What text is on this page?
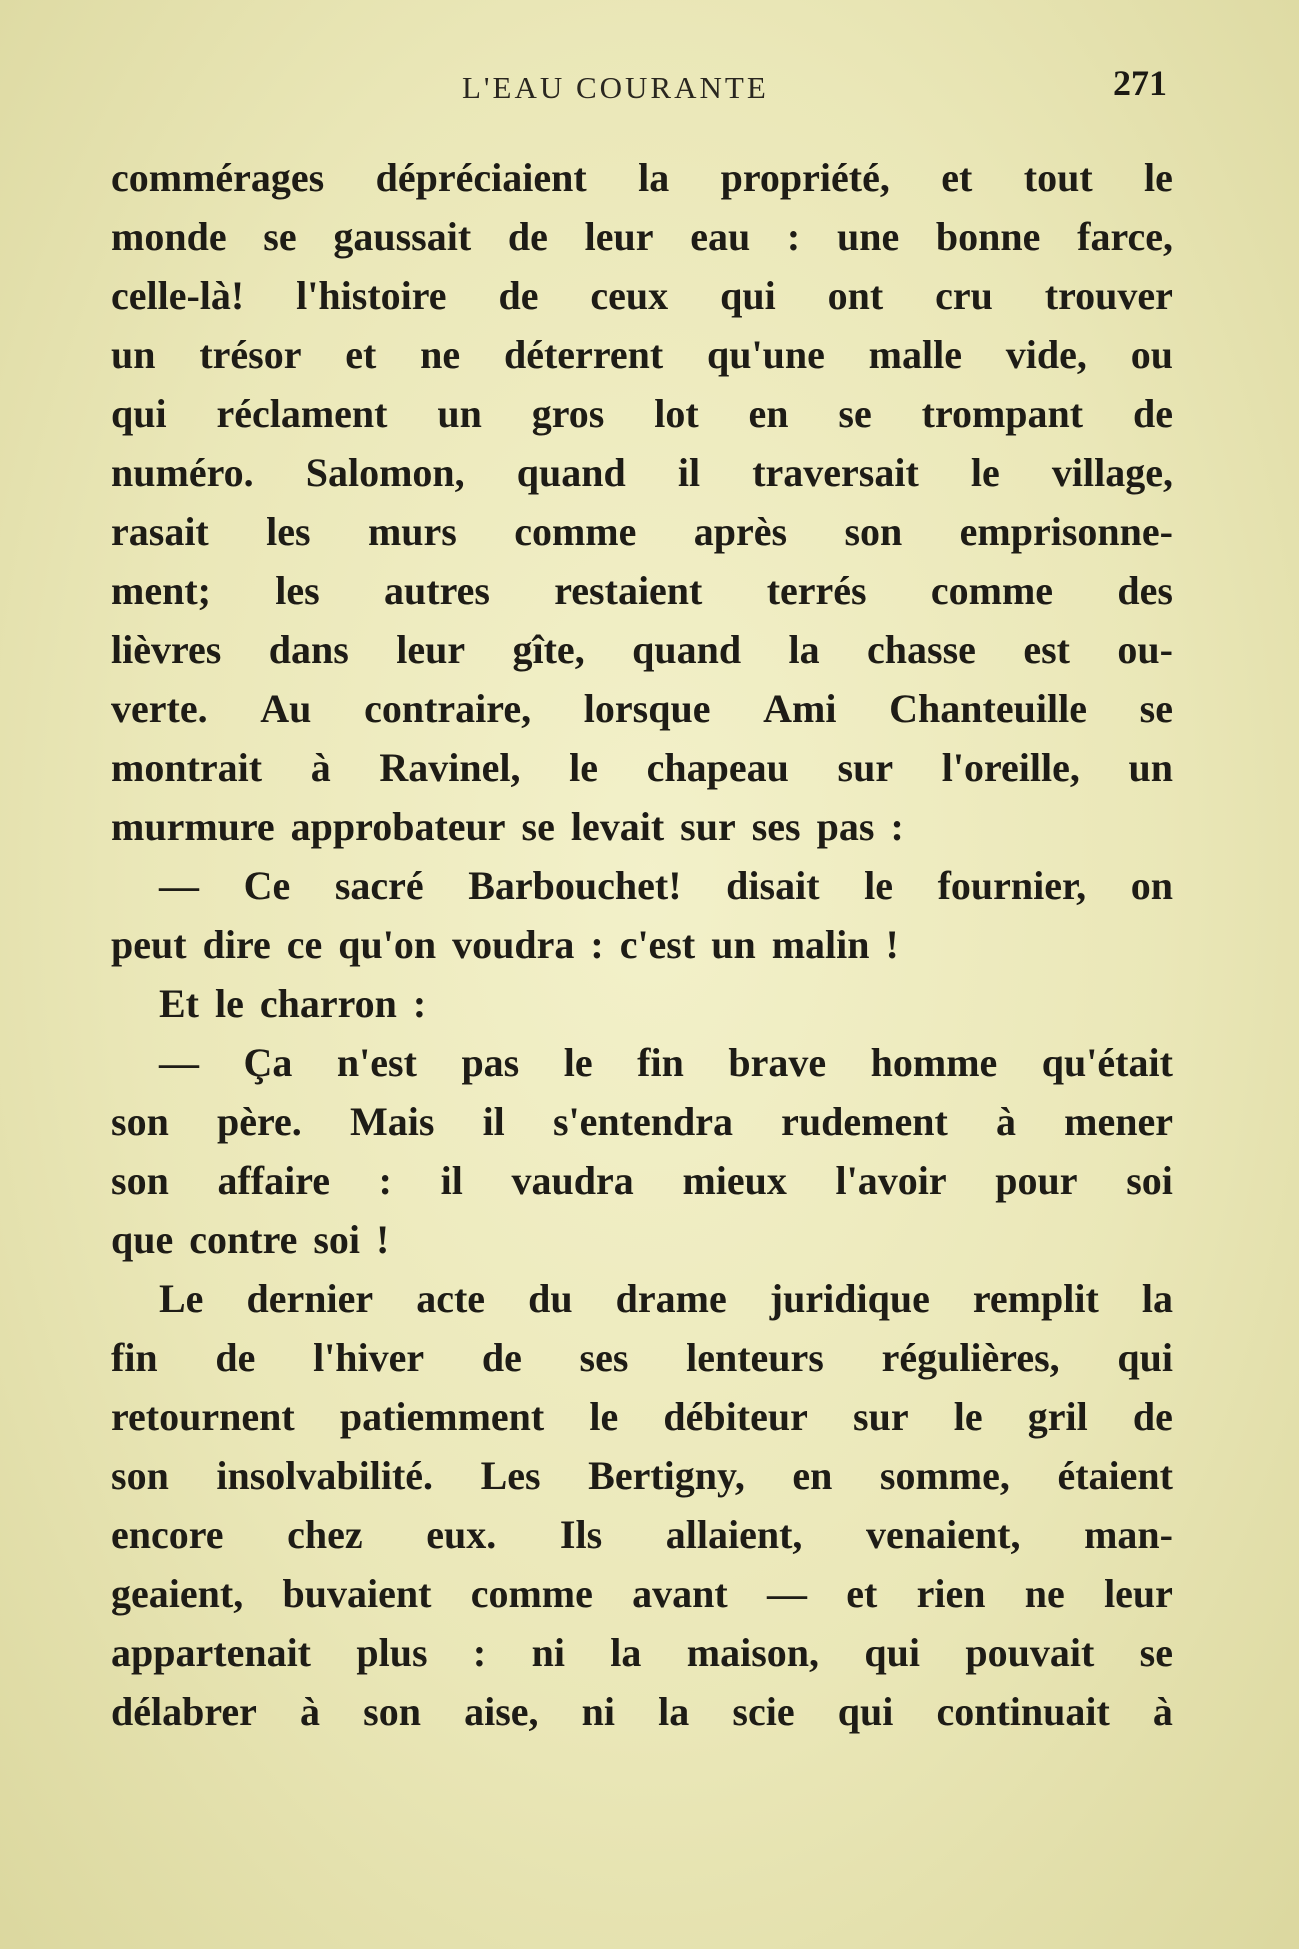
L'EAU COURANTE	271
commérages dépréciaient la propriété, et tout le
monde se gaussait de leur eau : une bonne farce,
celle-là! l'histoire de ceux qui ont cru trouver
un trésor et ne déterrent qu'une malle vide, ou
qui réclament un gros lot en se trompant de
numéro. Salomon, quand il traversait le village,
rasait les murs comme après son emprisonne-
ment; les autres restaient terrés comme des
lièvres dans leur gîte, quand la chasse est ou-
verte. Au contraire, lorsque Ami Chanteuille se
montrait à Ravinel, le chapeau sur l'oreille, un
murmure approbateur se levait sur ses pas :
— Ce sacré Barbouchet! disait le fournier, on
peut dire ce qu'on voudra : c'est un malin !
Et le charron :
— Ça n'est pas le fin brave homme qu'était
son père. Mais il s'entendra rudement à mener
son affaire : il vaudra mieux l'avoir pour soi
que contre soi !
Le dernier acte du drame juridique remplit la
fin de l'hiver de ses lenteurs régulières, qui
retournent patiemment le débiteur sur le gril de
son insolvabilité. Les Bertigny, en somme, étaient
encore chez eux. Ils allaient, venaient, man-
geaient, buvaient comme avant — et rien ne leur
appartenait plus : ni la maison, qui pouvait se
délabrer à son aise, ni la scie qui continuait à
